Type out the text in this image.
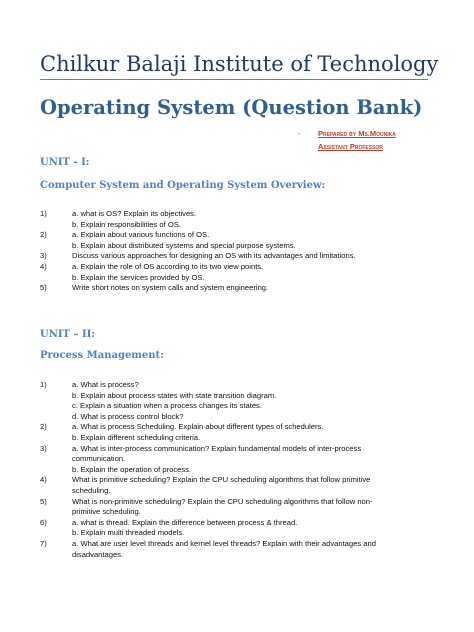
Chilkur Balaji Institute of Technology
Operating System (Question Bank)
- Prepared by Ms.Mounika
Assistant Professor
UNIT - I:
Computer System and Operating System Overview:
1)	a. what is OS? Explain its objectives.
b. Explain responsibilities of OS.
2)	a. Explain about various functions of OS.
b. Explain about distributed systems and special purpose systems.
3)	Discuss various approaches for designing an OS with its advantages and limitations.
4)	a. Explain the role of OS according to its two view points.
b. Explain the services provided by OS.
5)	Write short notes on system calls and system engineering.
UNIT – II:
Process Management:
1)	a. What is process?
b. Explain about process states with state transition diagram.
c. Explain a situation when a process changes its states.
d. What is process control block?
2)	a. What is process Scheduling. Explain about different types of schedulers.
b. Explain different scheduling criteria.
3)	a. What is inter-process communication? Explain fundamental models of inter-process
communication.
b. Explain the operation of process.
4)	What is primitive scheduling? Explain the CPU scheduling algorithms that follow primitive
scheduling.
5)	What is non-primitive scheduling? Explain the CPU scheduling algorithms that follow non-
primitive scheduling.
6)	a. what is thread. Explain the difference between process & thread.
b. Explain multi threaded models.
7)	a. What are user level threads and kernel level threads? Explain with their advantages and
disadvantages.
